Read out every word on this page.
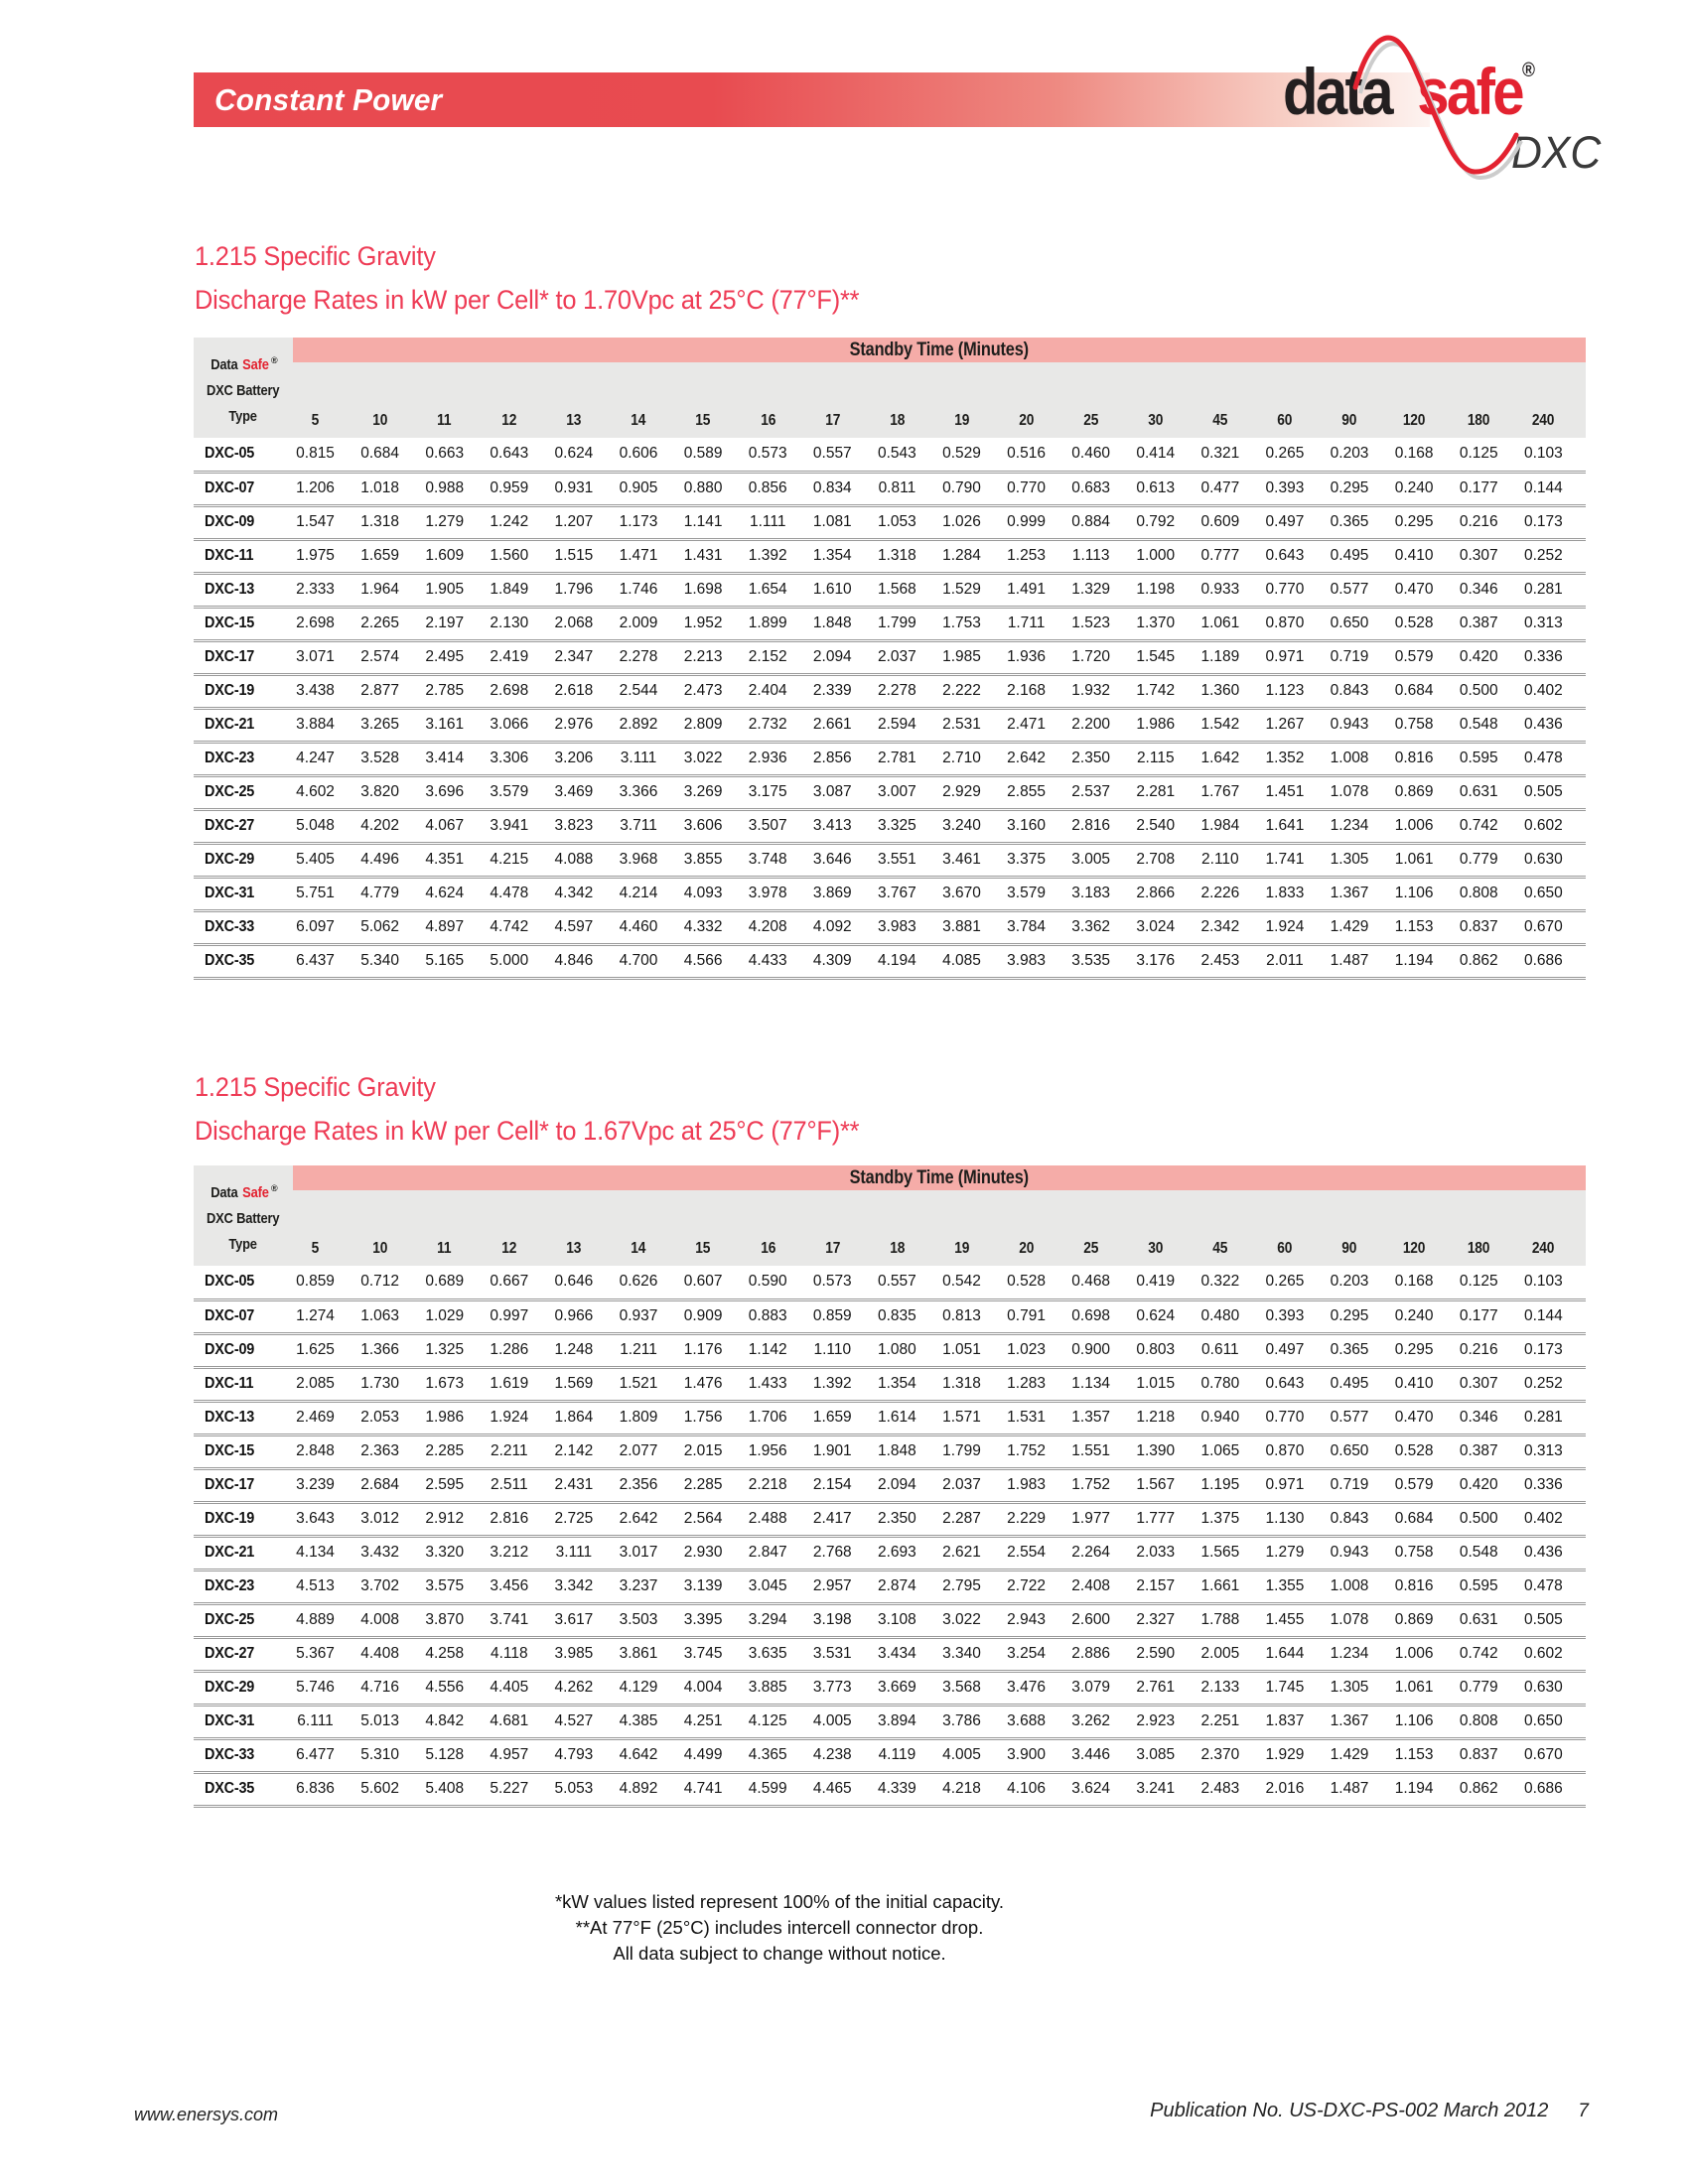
Constant Power	data safe®
DXC
1.215 Specific Gravity
Discharge Rates in kW per Cell* to 1.70Vpc at 25°C (77°F)**
Data Safe ®
DXC Battery
Type	Standby Time (Minutes)																			
	5	10	11	12	13	14	15	16	17	18	19	20	25	30	45	60	90	120	180	240
DXC-05	0.815	0.684	0.663	0.643	0.624	0.606	0.589	0.573	0.557	0.543	0.529	0.516	0.460	0.414	0.321	0.265	0.203	0.168	0.125	0.103
DXC-07	1.206	1.018	0.988	0.959	0.931	0.905	0.880	0.856	0.834	0.811	0.790	0.770	0.683	0.613	0.477	0.393	0.295	0.240	0.177	0.144
DXC-09	1.547	1.318	1.279	1.242	1.207	1.173	1.141	1.111	1.081	1.053	1.026	0.999	0.884	0.792	0.609	0.497	0.365	0.295	0.216	0.173
DXC-11	1.975	1.659	1.609	1.560	1.515	1.471	1.431	1.392	1.354	1.318	1.284	1.253	1.113	1.000	0.777	0.643	0.495	0.410	0.307	0.252
DXC-13	2.333	1.964	1.905	1.849	1.796	1.746	1.698	1.654	1.610	1.568	1.529	1.491	1.329	1.198	0.933	0.770	0.577	0.470	0.346	0.281
DXC-15	2.698	2.265	2.197	2.130	2.068	2.009	1.952	1.899	1.848	1.799	1.753	1.711	1.523	1.370	1.061	0.870	0.650	0.528	0.387	0.313
DXC-17	3.071	2.574	2.495	2.419	2.347	2.278	2.213	2.152	2.094	2.037	1.985	1.936	1.720	1.545	1.189	0.971	0.719	0.579	0.420	0.336
DXC-19	3.438	2.877	2.785	2.698	2.618	2.544	2.473	2.404	2.339	2.278	2.222	2.168	1.932	1.742	1.360	1.123	0.843	0.684	0.500	0.402
DXC-21	3.884	3.265	3.161	3.066	2.976	2.892	2.809	2.732	2.661	2.594	2.531	2.471	2.200	1.986	1.542	1.267	0.943	0.758	0.548	0.436
DXC-23	4.247	3.528	3.414	3.306	3.206	3.111	3.022	2.936	2.856	2.781	2.710	2.642	2.350	2.115	1.642	1.352	1.008	0.816	0.595	0.478
DXC-25	4.602	3.820	3.696	3.579	3.469	3.366	3.269	3.175	3.087	3.007	2.929	2.855	2.537	2.281	1.767	1.451	1.078	0.869	0.631	0.505
DXC-27	5.048	4.202	4.067	3.941	3.823	3.711	3.606	3.507	3.413	3.325	3.240	3.160	2.816	2.540	1.984	1.641	1.234	1.006	0.742	0.602
DXC-29	5.405	4.496	4.351	4.215	4.088	3.968	3.855	3.748	3.646	3.551	3.461	3.375	3.005	2.708	2.110	1.741	1.305	1.061	0.779	0.630
DXC-31	5.751	4.779	4.624	4.478	4.342	4.214	4.093	3.978	3.869	3.767	3.670	3.579	3.183	2.866	2.226	1.833	1.367	1.106	0.808	0.650
DXC-33	6.097	5.062	4.897	4.742	4.597	4.460	4.332	4.208	4.092	3.983	3.881	3.784	3.362	3.024	2.342	1.924	1.429	1.153	0.837	0.670
DXC-35	6.437	5.340	5.165	5.000	4.846	4.700	4.566	4.433	4.309	4.194	4.085	3.983	3.535	3.176	2.453	2.011	1.487	1.194	0.862	0.686
1.215 Specific Gravity
Discharge Rates in kW per Cell* to 1.67Vpc at 25°C (77°F)**
Data Safe ®
DXC Battery
Type	Standby Time (Minutes)																			
	5	10	11	12	13	14	15	16	17	18	19	20	25	30	45	60	90	120	180	240
DXC-05	0.859	0.712	0.689	0.667	0.646	0.626	0.607	0.590	0.573	0.557	0.542	0.528	0.468	0.419	0.322	0.265	0.203	0.168	0.125	0.103
DXC-07	1.274	1.063	1.029	0.997	0.966	0.937	0.909	0.883	0.859	0.835	0.813	0.791	0.698	0.624	0.480	0.393	0.295	0.240	0.177	0.144
DXC-09	1.625	1.366	1.325	1.286	1.248	1.211	1.176	1.142	1.110	1.080	1.051	1.023	0.900	0.803	0.611	0.497	0.365	0.295	0.216	0.173
DXC-11	2.085	1.730	1.673	1.619	1.569	1.521	1.476	1.433	1.392	1.354	1.318	1.283	1.134	1.015	0.780	0.643	0.495	0.410	0.307	0.252
DXC-13	2.469	2.053	1.986	1.924	1.864	1.809	1.756	1.706	1.659	1.614	1.571	1.531	1.357	1.218	0.940	0.770	0.577	0.470	0.346	0.281
DXC-15	2.848	2.363	2.285	2.211	2.142	2.077	2.015	1.956	1.901	1.848	1.799	1.752	1.551	1.390	1.065	0.870	0.650	0.528	0.387	0.313
DXC-17	3.239	2.684	2.595	2.511	2.431	2.356	2.285	2.218	2.154	2.094	2.037	1.983	1.752	1.567	1.195	0.971	0.719	0.579	0.420	0.336
DXC-19	3.643	3.012	2.912	2.816	2.725	2.642	2.564	2.488	2.417	2.350	2.287	2.229	1.977	1.777	1.375	1.130	0.843	0.684	0.500	0.402
DXC-21	4.134	3.432	3.320	3.212	3.111	3.017	2.930	2.847	2.768	2.693	2.621	2.554	2.264	2.033	1.565	1.279	0.943	0.758	0.548	0.436
DXC-23	4.513	3.702	3.575	3.456	3.342	3.237	3.139	3.045	2.957	2.874	2.795	2.722	2.408	2.157	1.661	1.355	1.008	0.816	0.595	0.478
DXC-25	4.889	4.008	3.870	3.741	3.617	3.503	3.395	3.294	3.198	3.108	3.022	2.943	2.600	2.327	1.788	1.455	1.078	0.869	0.631	0.505
DXC-27	5.367	4.408	4.258	4.118	3.985	3.861	3.745	3.635	3.531	3.434	3.340	3.254	2.886	2.590	2.005	1.644	1.234	1.006	0.742	0.602
DXC-29	5.746	4.716	4.556	4.405	4.262	4.129	4.004	3.885	3.773	3.669	3.568	3.476	3.079	2.761	2.133	1.745	1.305	1.061	0.779	0.630
DXC-31	6.111	5.013	4.842	4.681	4.527	4.385	4.251	4.125	4.005	3.894	3.786	3.688	3.262	2.923	2.251	1.837	1.367	1.106	0.808	0.650
DXC-33	6.477	5.310	5.128	4.957	4.793	4.642	4.499	4.365	4.238	4.119	4.005	3.900	3.446	3.085	2.370	1.929	1.429	1.153	0.837	0.670
DXC-35	6.836	5.602	5.408	5.227	5.053	4.892	4.741	4.599	4.465	4.339	4.218	4.106	3.624	3.241	2.483	2.016	1.487	1.194	0.862	0.686
*kW values listed represent 100% of the initial capacity.
**At 77°F (25°C) includes intercell connector drop.
All data subject to change without notice.
www.enersys.com	Publication No. US-DXC-PS-002 March 2012 7
